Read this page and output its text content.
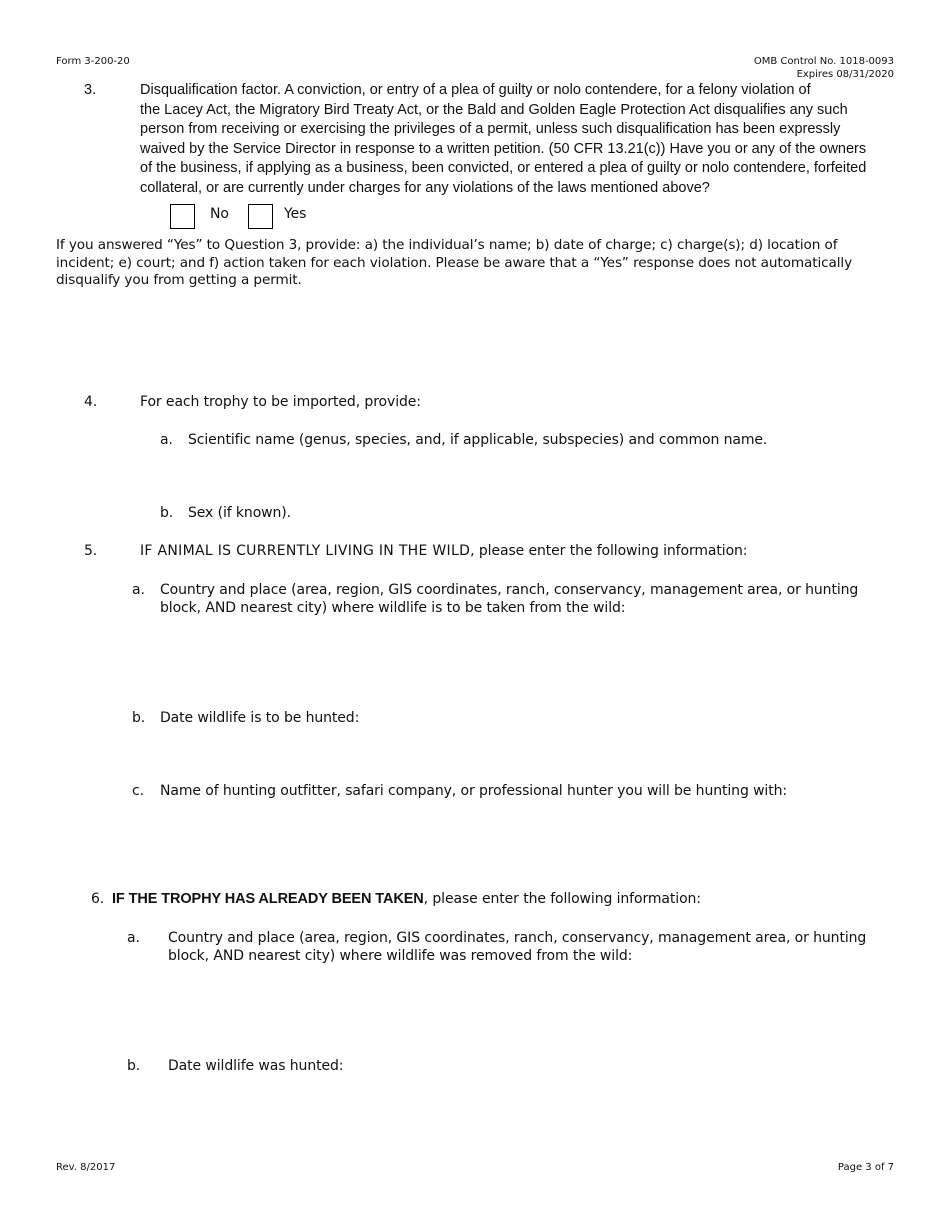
Form 3-200-20	OMB Control No. 1018-0093
Expires 08/31/2020
3.	Disqualification factor. A conviction, or entry of a plea of guilty or nolo contendere, for a felony violation of
the Lacey Act, the Migratory Bird Treaty Act, or the Bald and Golden Eagle Protection Act disqualifies any such
person from receiving or exercising the privileges of a permit, unless such disqualification has been expressly
waived by the Service Director in response to a written petition. (50 CFR 13.21(c)) Have you or any of the owners
of the business, if applying as a business, been convicted, or entered a plea of guilty or nolo contendere, forfeited
collateral, or are currently under charges for any violations of the laws mentioned above?
No	Yes
If you answered “Yes” to Question 3, provide: a) the individual’s name; b) date of charge; c) charge(s); d) location of
incident; e) court; and f) action taken for each violation. Please be aware that a “Yes” response does not automatically
disqualify you from getting a permit.
4.	For each trophy to be imported, provide:
a. Scientific name (genus, species, and, if applicable, subspecies) and common name.
b. Sex (if known).
5.	IF ANIMAL IS CURRENTLY LIVING IN THE WILD, please enter the following information:
a. Country and place (area, region, GIS coordinates, ranch, conservancy, management area, or hunting
block, AND nearest city) where wildlife is to be taken from the wild:
b. Date wildlife is to be hunted:
c. Name of hunting outfitter, safari company, or professional hunter you will be hunting with:
6. IF THE TROPHY HAS ALREADY BEEN TAKEN, please enter the following information:
a. Country and place (area, region, GIS coordinates, ranch, conservancy, management area, or hunting
block, AND nearest city) where wildlife was removed from the wild:
b. Date wildlife was hunted:
Rev. 8/2017	Page 3 of 7
